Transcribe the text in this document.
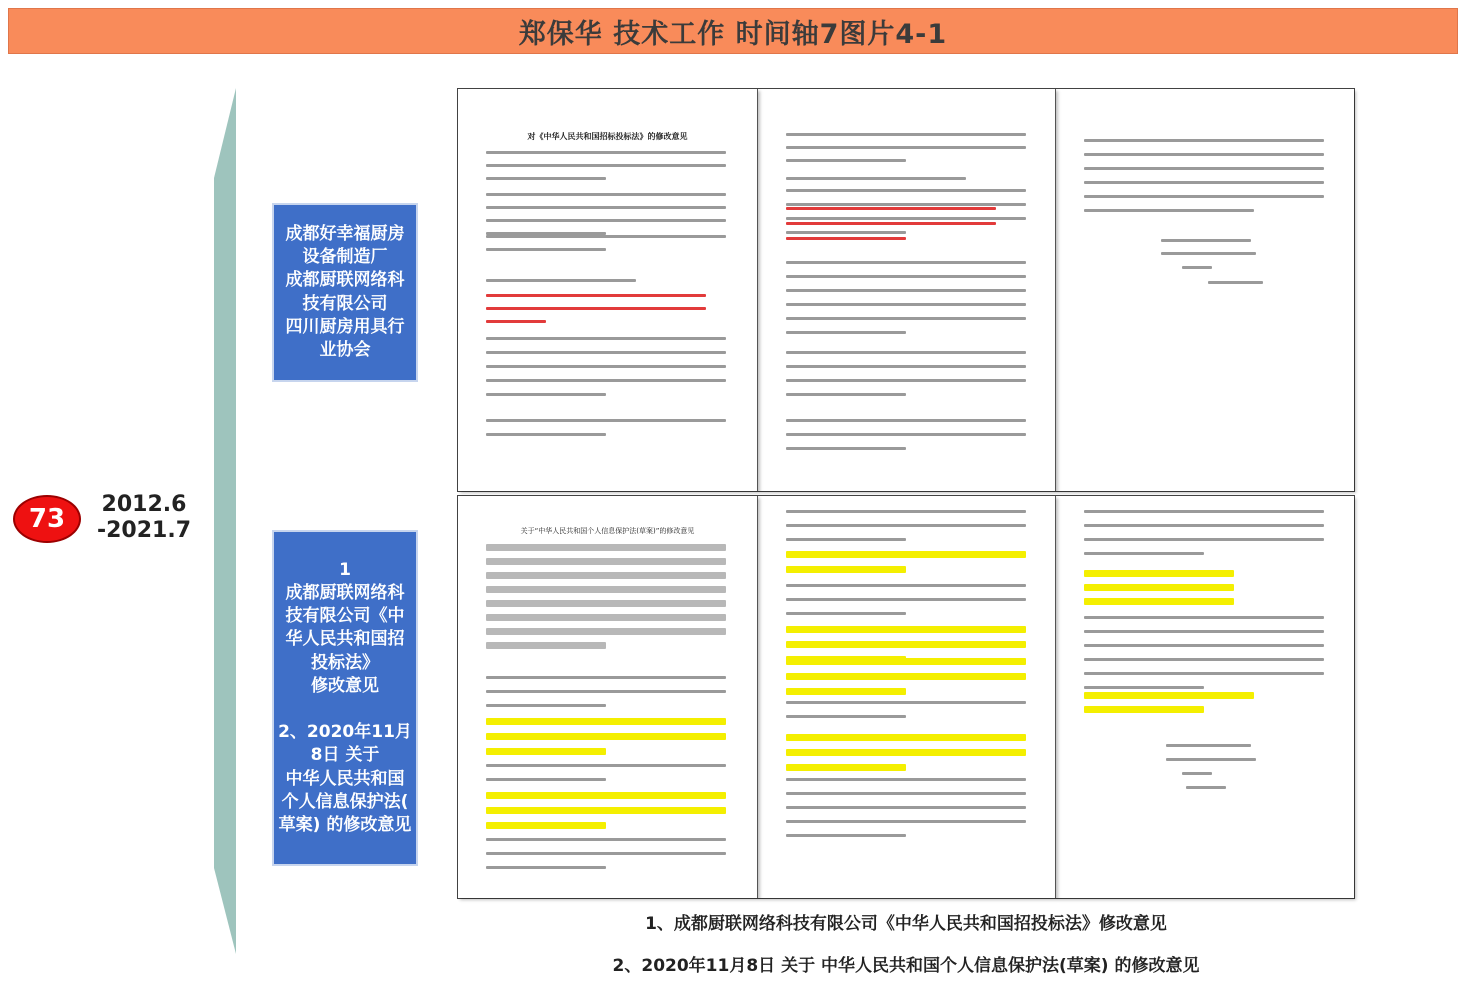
郑保华 技术工作 时间轴7图片4-1
73	2012.6
-2021.7
成都好幸福厨房
设备制造厂
成都厨联网络科
技有限公司
四川厨房用具行
业协会
1
成都厨联网络科
技有限公司《中
华人民共和国招
投标法》
修改意见

2、2020年11月
8日 关于
中华人民共和国
个人信息保护法(
草案) 的修改意见
对《中华人民共和国招标投标法》的修改意见
关于“中华人民共和国个人信息保护法(草案)”的修改意见
1、成都厨联网络科技有限公司《中华人民共和国招投标法》修改意见
2、2020年11月8日 关于 中华人民共和国个人信息保护法(草案) 的修改意见
